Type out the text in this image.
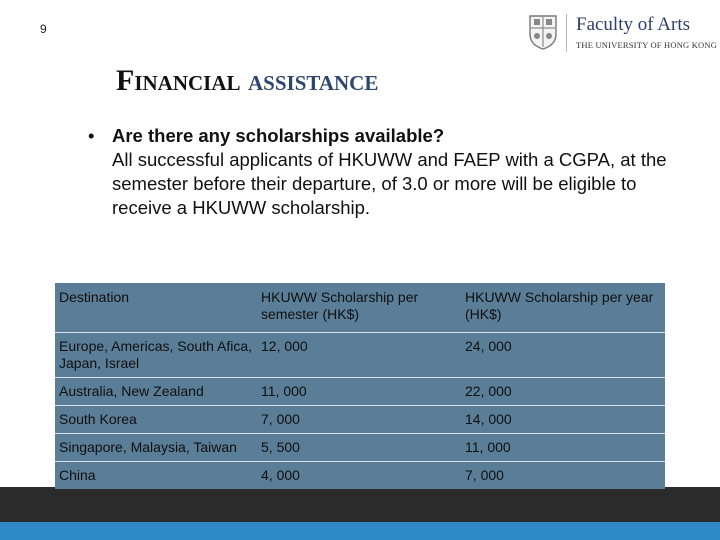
9	Faculty of Arts
THE UNIVERSITY OF HONG KONG
Financial assistance
• Are there any scholarships available?
All successful applicants of HKUWW and FAEP with a CGPA, at the semester before their departure, of 3.0 or more will be eligible to receive a HKUWW scholarship.
Destination	HKUWW Scholarship per semester (HK$)	HKUWW Scholarship per year (HK$)
Europe, Americas, South Afica, Japan, Israel	12, 000	24, 000
Australia, New Zealand	11, 000	22, 000
South Korea	7, 000	14, 000
Singapore, Malaysia, Taiwan	5, 500	11, 000
China	4, 000	7, 000
